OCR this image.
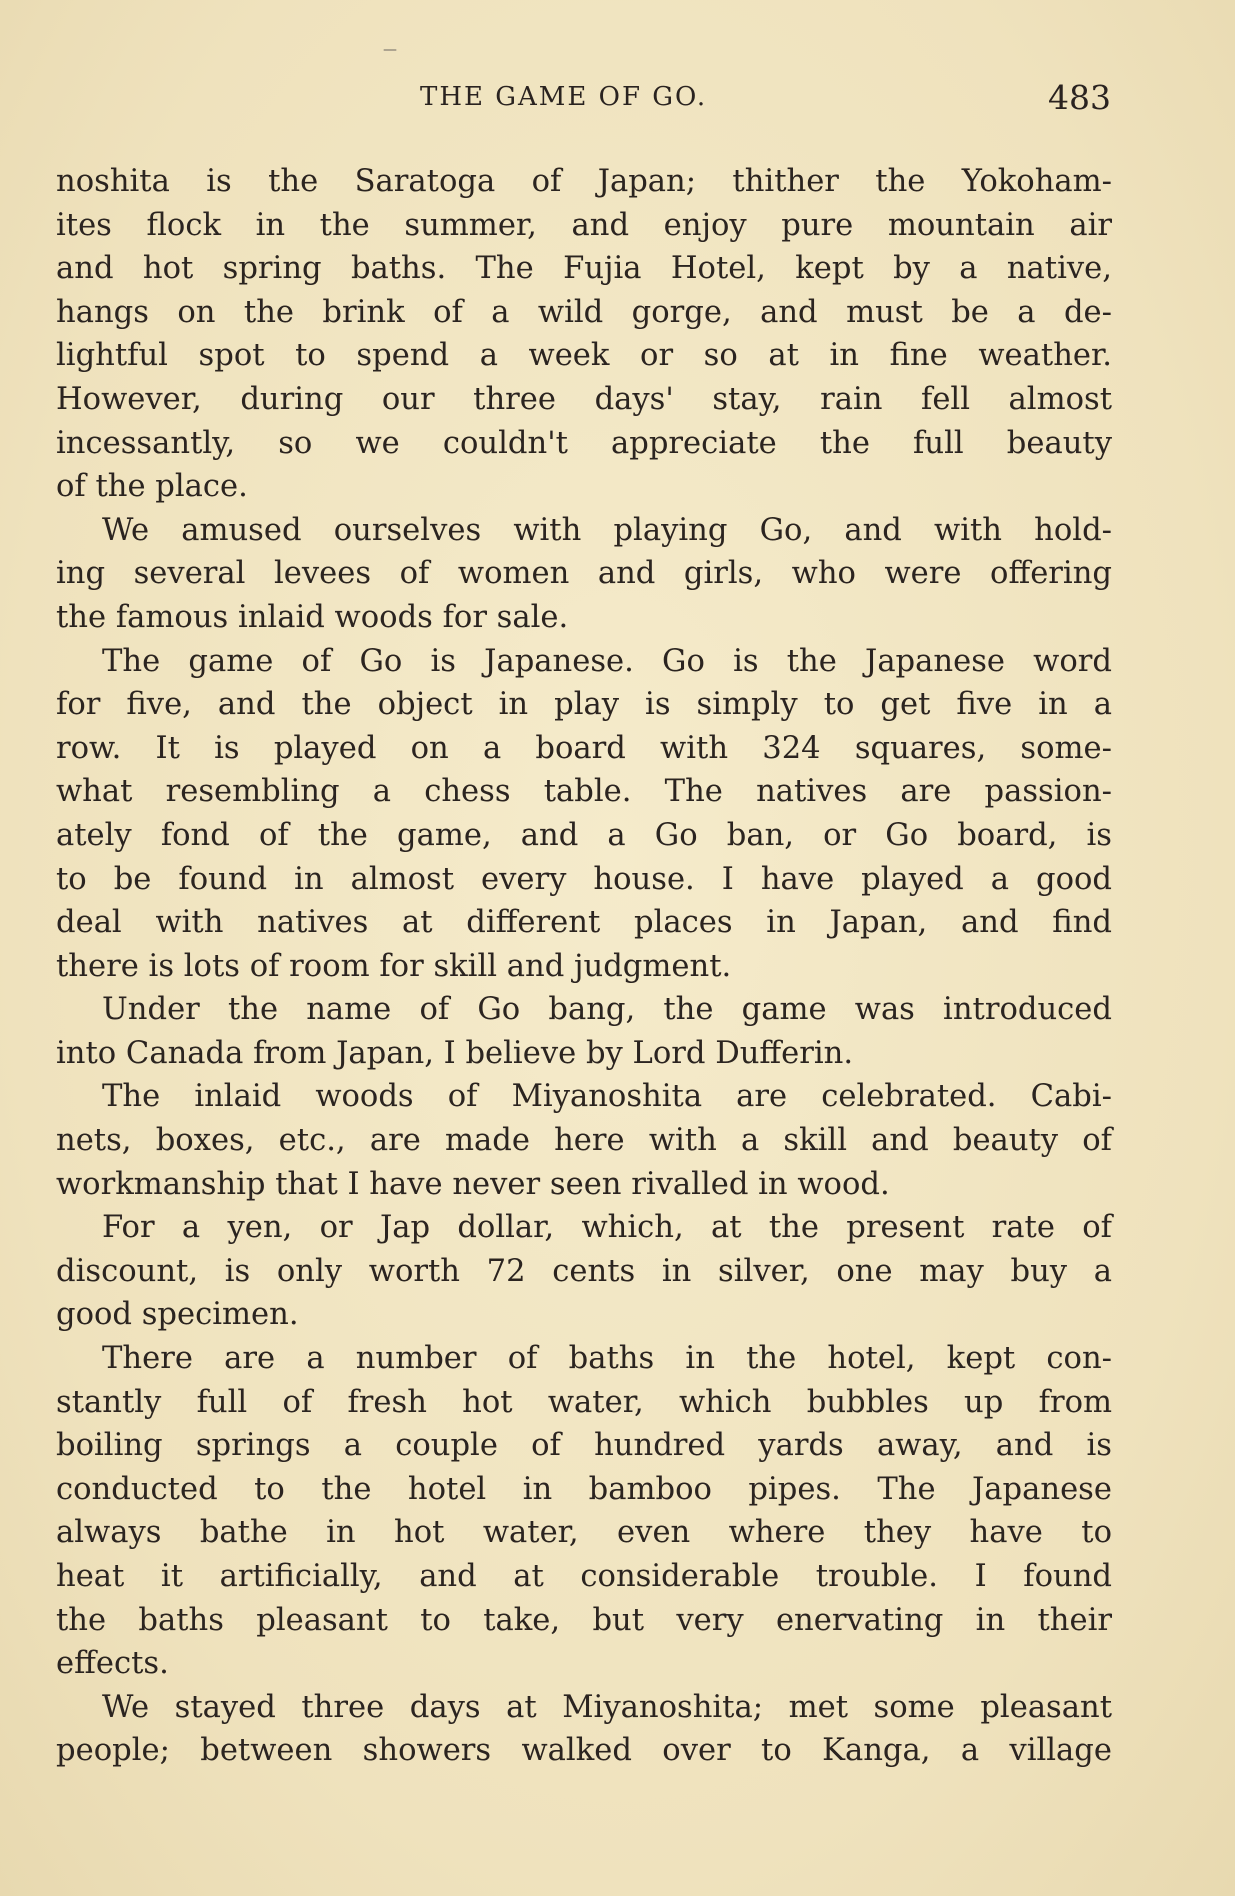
THE GAME OF GO.	483
—
noshita is the Saratoga of Japan; thither the Yokoham-
ites flock in the summer, and enjoy pure mountain air
and hot spring baths. The Fujia Hotel, kept by a native,
hangs on the brink of a wild gorge, and must be a de-
lightful spot to spend a week or so at in fine weather.
However, during our three days' stay, rain fell almost
incessantly, so we couldn't appreciate the full beauty
of the place.
We amused ourselves with playing Go, and with hold-
ing several levees of women and girls, who were offering
the famous inlaid woods for sale.
The game of Go is Japanese. Go is the Japanese word
for five, and the object in play is simply to get five in a
row. It is played on a board with 324 squares, some-
what resembling a chess table. The natives are passion-
ately fond of the game, and a Go ban, or Go board, is
to be found in almost every house. I have played a good
deal with natives at different places in Japan, and find
there is lots of room for skill and judgment.
Under the name of Go bang, the game was introduced
into Canada from Japan, I believe by Lord Dufferin.
The inlaid woods of Miyanoshita are celebrated. Cabi-
nets, boxes, etc., are made here with a skill and beauty of
workmanship that I have never seen rivalled in wood.
For a yen, or Jap dollar, which, at the present rate of
discount, is only worth 72 cents in silver, one may buy a
good specimen.
There are a number of baths in the hotel, kept con-
stantly full of fresh hot water, which bubbles up from
boiling springs a couple of hundred yards away, and is
conducted to the hotel in bamboo pipes. The Japanese
always bathe in hot water, even where they have to
heat it artificially, and at considerable trouble. I found
the baths pleasant to take, but very enervating in their
effects.
We stayed three days at Miyanoshita; met some pleasant
people; between showers walked over to Kanga, a village
